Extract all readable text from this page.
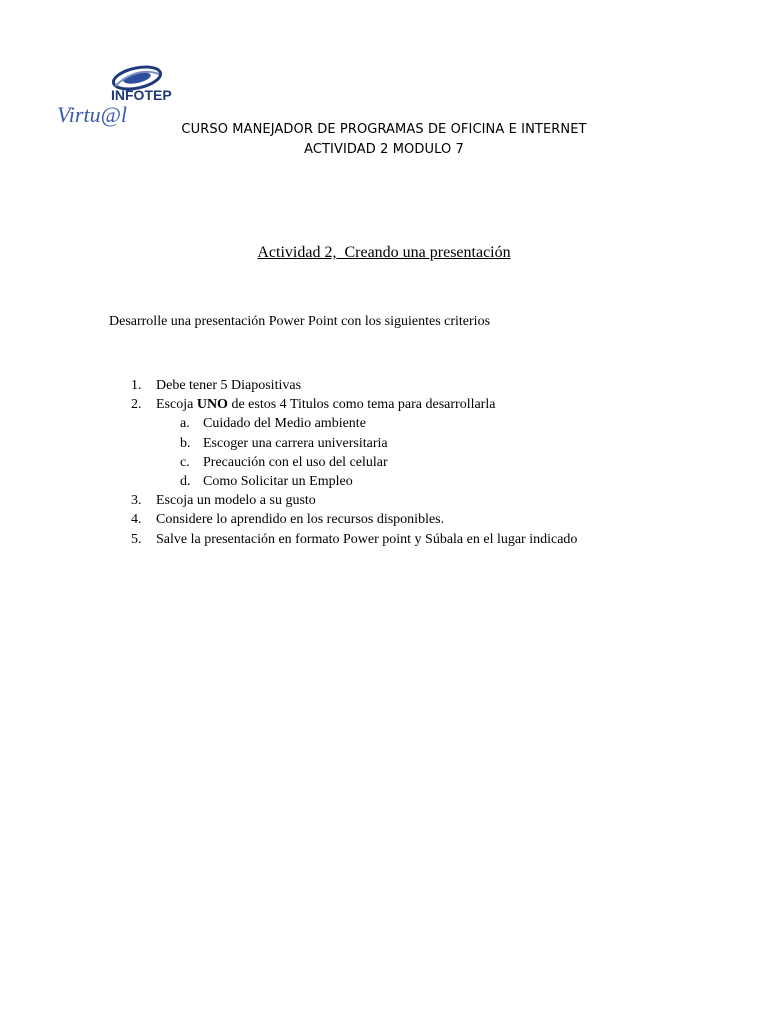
INFOTEP
Virtu@l
CURSO MANEJADOR DE PROGRAMAS DE OFICINA E INTERNET
ACTIVIDAD 2 MODULO 7
Actividad 2,  Creando una presentación
Desarrolle una presentación Power Point con los siguientes criterios
1.	Debe tener 5 Diapositivas
2.	Escoja UNO de estos 4 Titulos como tema para desarrollarla
a. Cuidado del Medio ambiente
b. Escoger una carrera universitaria
c. Precaución con el uso del celular
d. Como Solicitar un Empleo
3.	Escoja un modelo a su gusto
4.	Considere lo aprendido en los recursos disponibles.
5.	Salve la presentación en formato Power point y Súbala en el lugar indicado
